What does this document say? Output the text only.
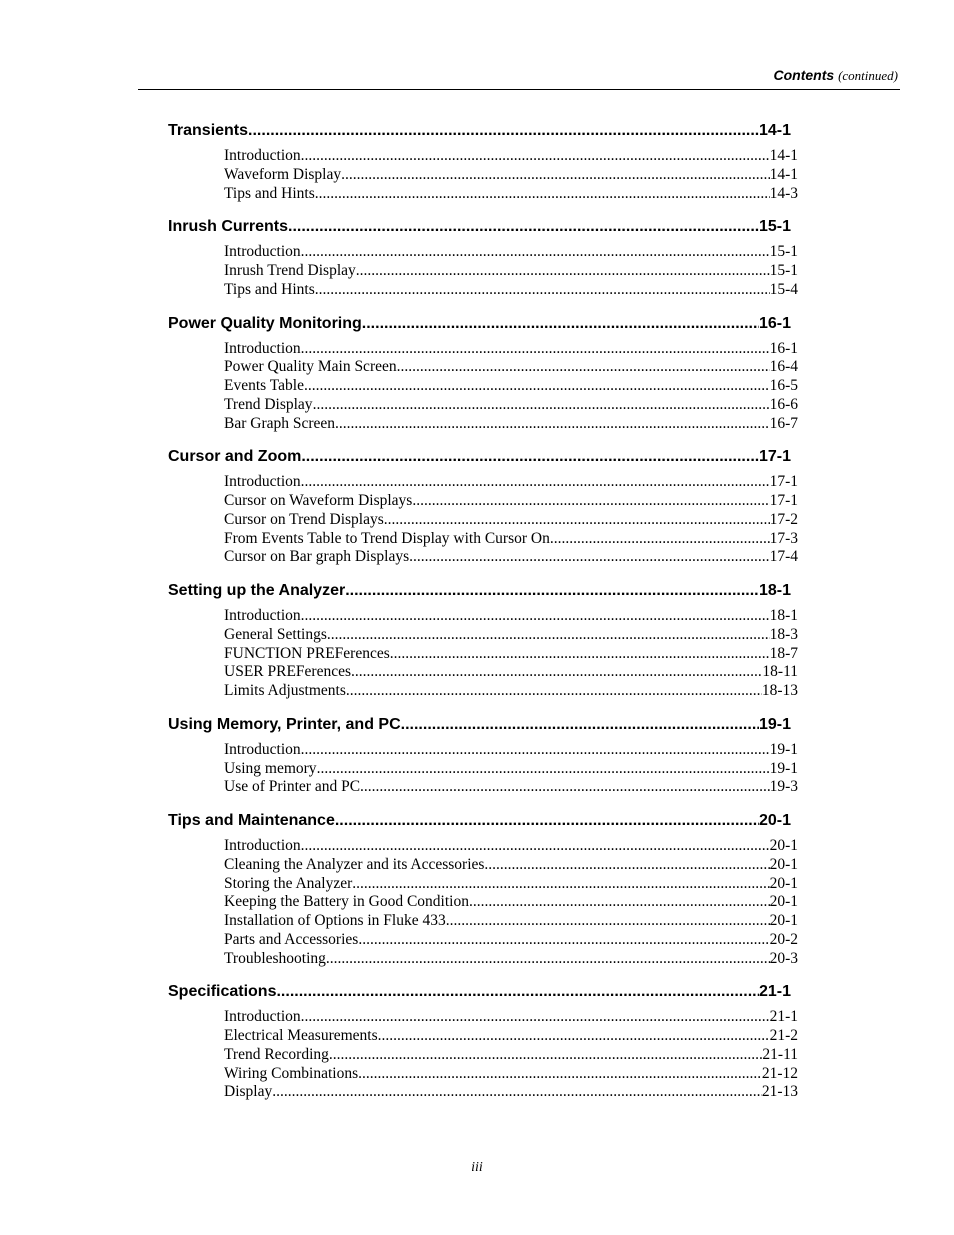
Contents (continued)
Transients .....	14-1
Introduction .....	14-1
Waveform Display .....	14-1
Tips and Hints .....	14-3
Inrush Currents .....	15-1
Introduction .....	15-1
Inrush Trend Display .....	15-1
Tips and Hints .....	15-4
Power Quality Monitoring .....	16-1
Introduction .....	16-1
Power Quality Main Screen .....	16-4
Events Table .....	16-5
Trend Display .....	16-6
Bar Graph Screen .....	16-7
Cursor and Zoom .....	17-1
Introduction .....	17-1
Cursor on Waveform Displays .....	17-1
Cursor on Trend Displays .....	17-2
From Events Table to Trend Display with Cursor On. .....	17-3
Cursor on Bar graph Displays .....	17-4
Setting up the Analyzer .....	18-1
Introduction .....	18-1
General Settings .....	18-3
FUNCTION PREFerences .....	18-7
USER PREFerences .....	18-11
Limits Adjustments .....	18-13
Using Memory, Printer, and PC .....	19-1
Introduction .....	19-1
Using memory .....	19-1
Use of Printer and PC .....	19-3
Tips and Maintenance .....	20-1
Introduction .....	20-1
Cleaning the Analyzer and its Accessories .....	20-1
Storing the Analyzer .....	20-1
Keeping the Battery in Good Condition .....	20-1
Installation of Options in Fluke 433 .....	20-1
Parts and Accessories .....	20-2
Troubleshooting .....	20-3
Specifications .....	21-1
Introduction .....	21-1
Electrical Measurements .....	21-2
Trend Recording .....	21-11
Wiring Combinations .....	21-12
Display .....	21-13
iii
